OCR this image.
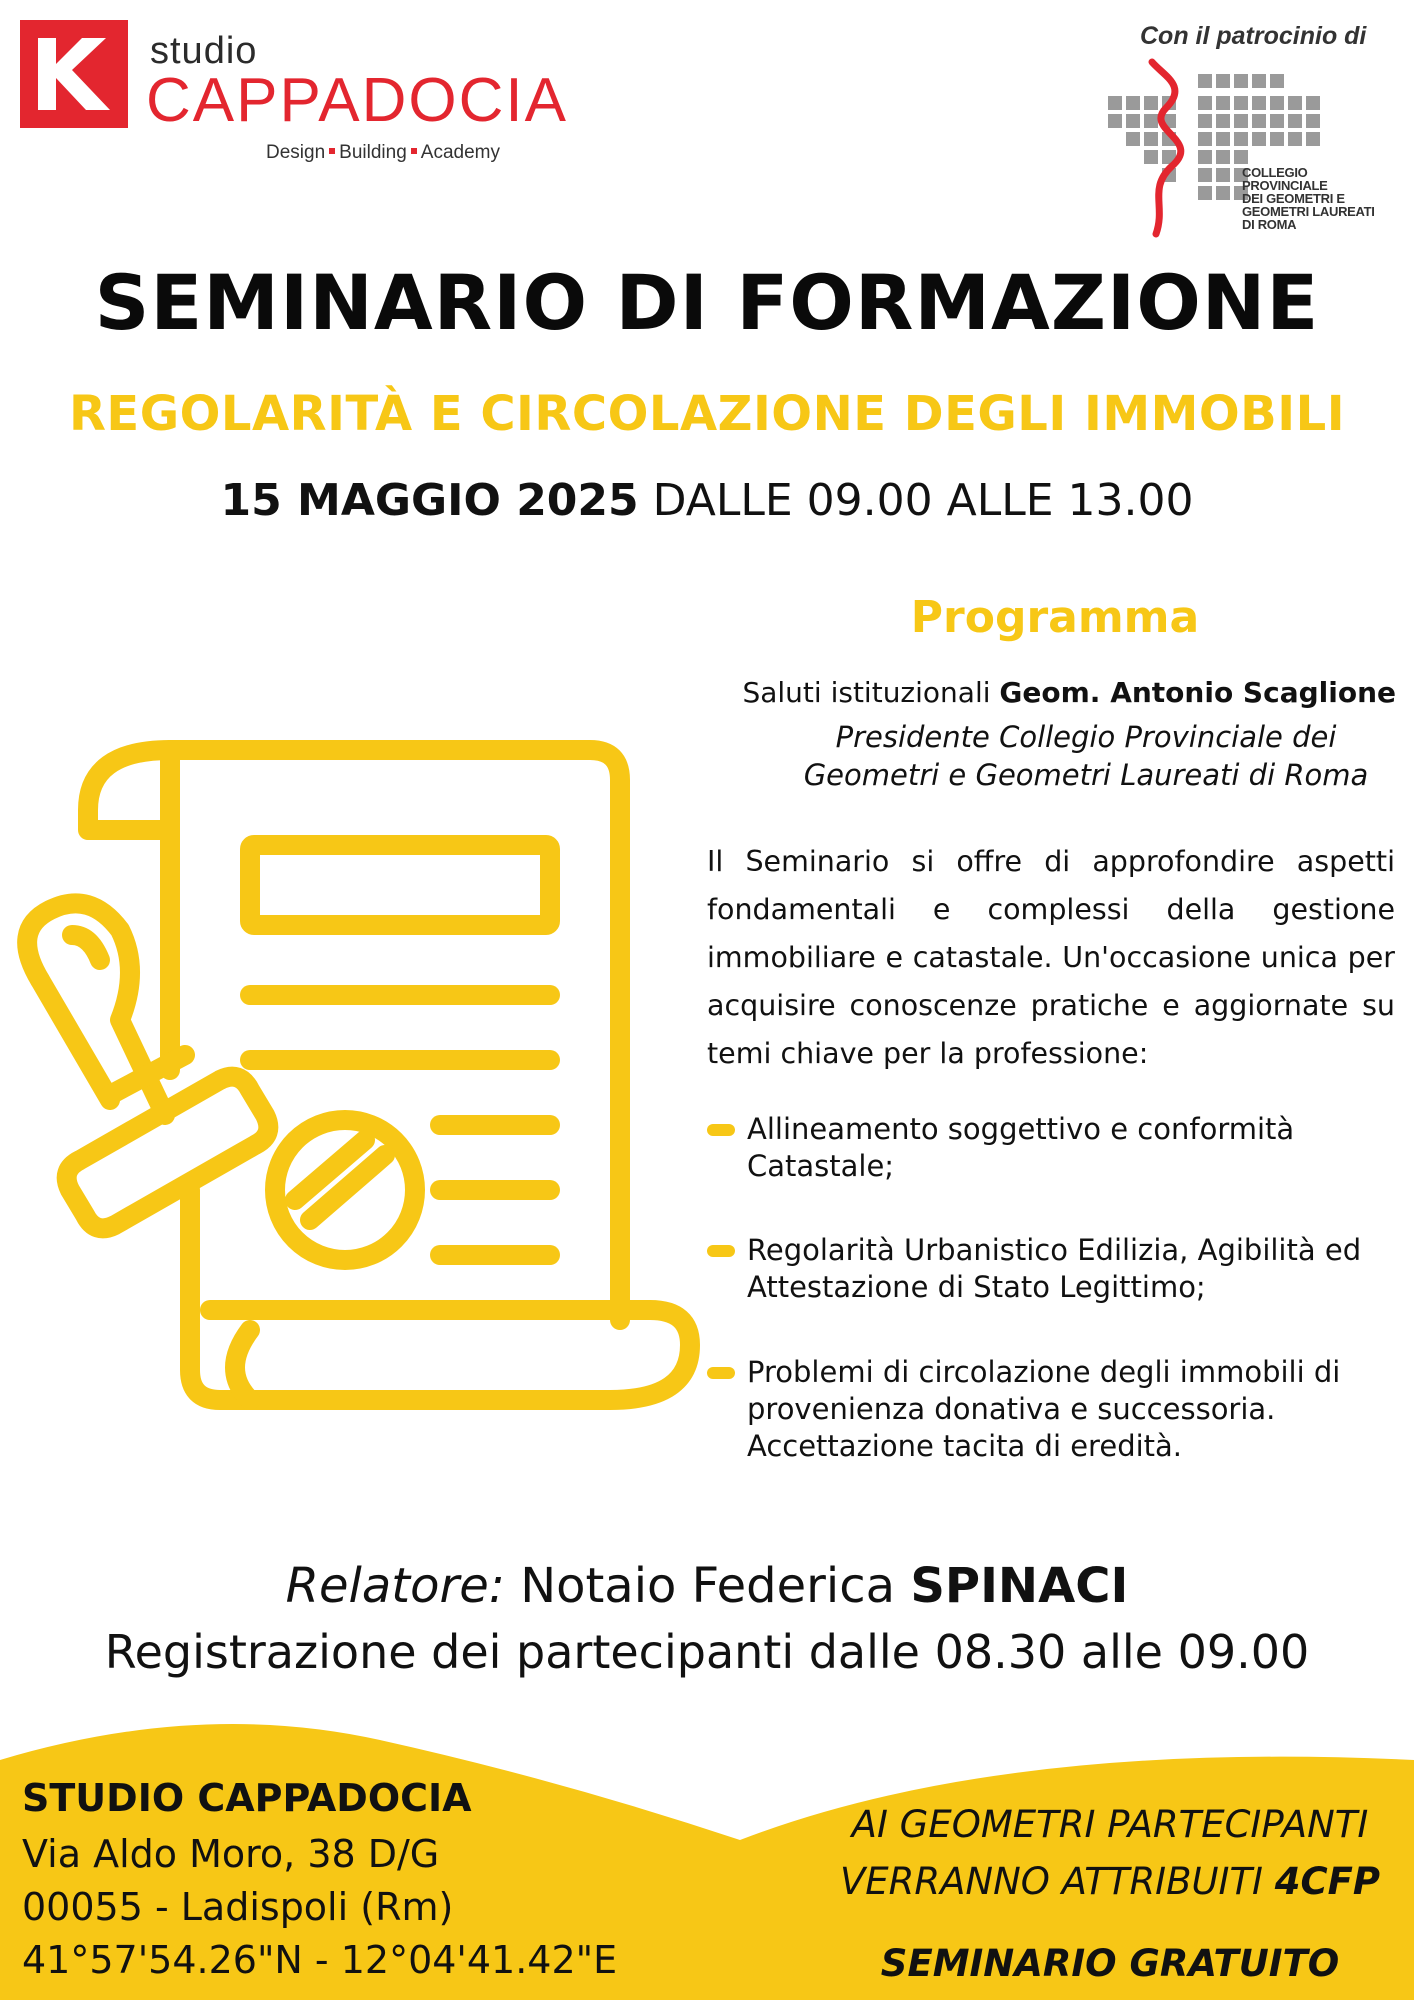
studio
CAPPADOCIA
Design Building Academy
Con il patrocinio di
COLLEGIO
PROVINCIALE
DEI GEOMETRI E
GEOMETRI LAUREATI
DI ROMA
SEMINARIO DI FORMAZIONE
REGOLARITÀ E CIRCOLAZIONE DEGLI IMMOBILI
15 MAGGIO 2025 DALLE 09.00 ALLE 13.00
Programma
Saluti istituzionali Geom. Antonio Scaglione
Presidente Collegio Provinciale dei
Geometri e Geometri Laureati di Roma

Il Seminario si offre di approfondire aspetti fondamentali e complessi della gestione immobiliare e catastale. Un'occasione unica per acquisire conoscenze pratiche e aggiornate su temi chiave per la professione:

Allineamento soggettivo e conformità Catastale;
Regolarità Urbanistico Edilizia, Agibilità ed Attestazione di Stato Legittimo;
Problemi di circolazione degli immobili di provenienza donativa e successoria. Accettazione tacita di eredità.
Relatore: Notaio Federica SPINACI
Registrazione dei partecipanti dalle 08.30 alle 09.00
STUDIO CAPPADOCIA
Via Aldo Moro, 38 D/G
00055 - Ladispoli (Rm)
41°57'54.26"N - 12°04'41.42"E
AI GEOMETRI PARTECIPANTI
VERRANNO ATTRIBUITI 4CFP
SEMINARIO GRATUITO
